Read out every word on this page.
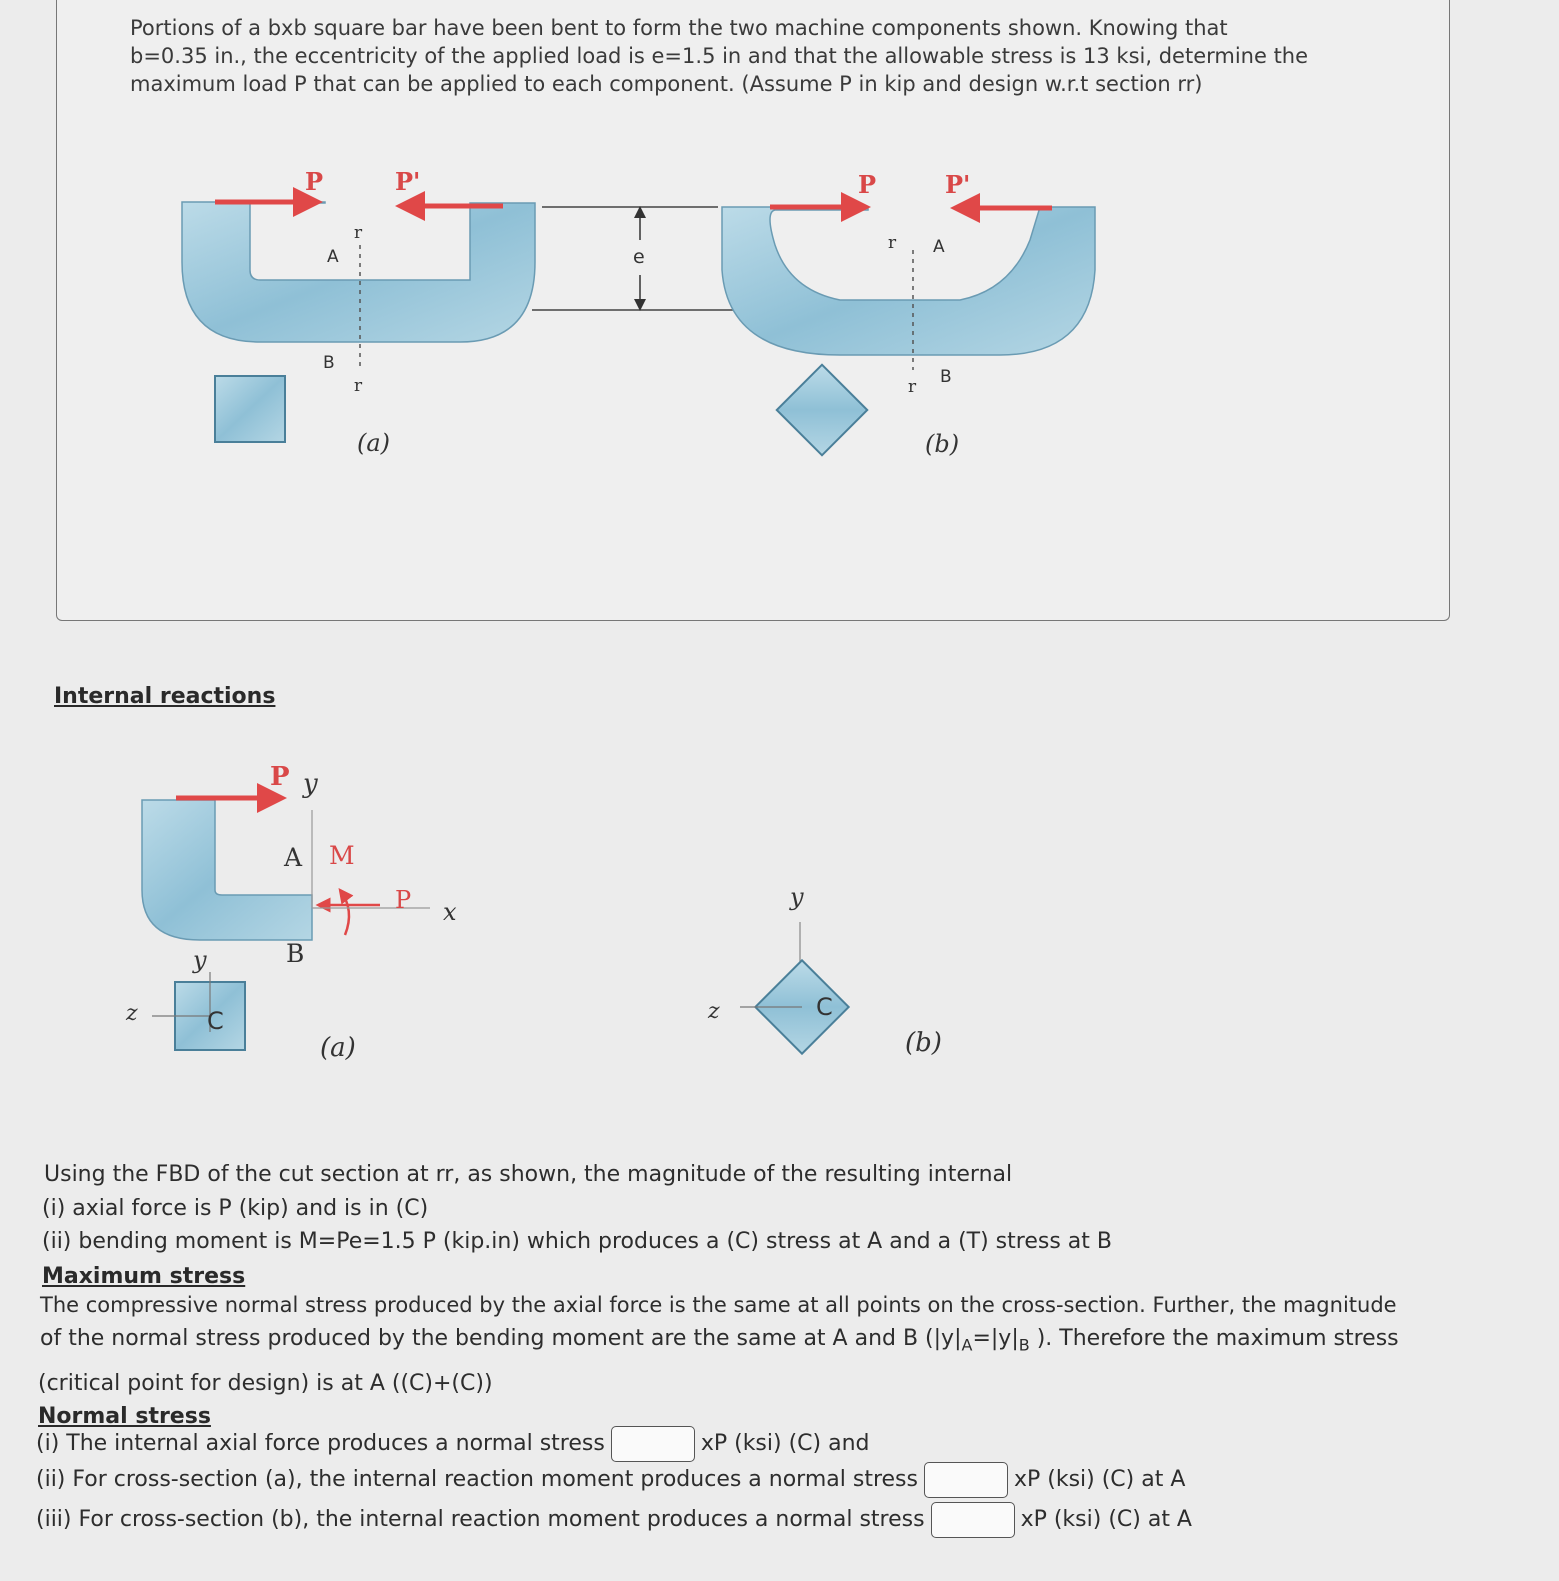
Portions of a bxb square bar have been bent to form the two machine components shown. Knowing that
b=0.35 in., the eccentricity of the applied load is e=1.5 in and that the allowable stress is 13 ksi, determine the
maximum load P that can be applied to each component. (Assume P in kip and design w.r.t section rr)
P	P'
r
r
A
B
(a)
e
P	P'
r
r
A
B
(b)
Internal reactions
P y
A M
P x
B
y
z	C
(a)
y
z	C
(b)
Using the FBD of the cut section at rr, as shown, the magnitude of the resulting internal
(i) axial force is P (kip) and is in (C)
(ii) bending moment is M=Pe=1.5 P (kip.in) which produces a (C) stress at A and a (T) stress at B
Maximum stress
The compressive normal stress produced by the axial force is the same at all points on the cross-section. Further, the magnitude
of the normal stress produced by the bending moment are the same at A and B ($|y|_A=|y|_B$ ). Therefore the maximum stress
(critical point for design) is at A ((C)+(C))
Normal stress
(i) The internal axial force produces a normal stress	xP (ksi) (C) and
(ii) For cross-section (a), the internal reaction moment produces a normal stress	xP (ksi) (C) at A
(iii) For cross-section (b), the internal reaction moment produces a normal stress	xP (ksi) (C) at A
